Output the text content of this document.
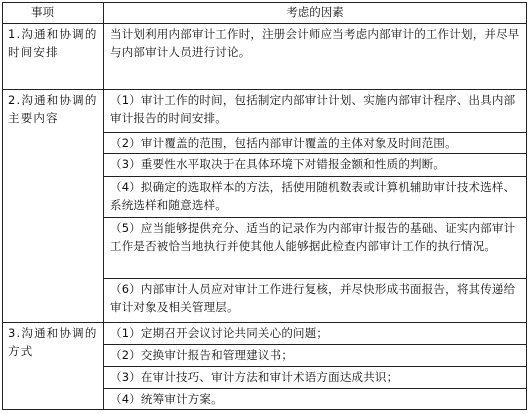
事项	考虑的因素
1.沟通和协调的时间安排
当计划利用内部审计工作时，注册会计师应当考虑内部审计的工作计划，并尽早与内部审计人员进行讨论。
2.沟通和协调的主要内容
（1）审计工作的时间，包括制定内部审计计划、实施内部审计程序、出具内部审计报告的时间安排。
（2）审计覆盖的范围，包括内部审计覆盖的主体对象及时间范围。
（3）重要性水平取决于在具体环境下对错报金额和性质的判断。
（4）拟确定的选取样本的方法，括使用随机数表或计算机辅助审计技术选样、系统选样和随意选样。
（5）应当能够提供充分、适当的记录作为内部审计报告的基础、证实内部审计工作是否被恰当地执行并使其他人能够据此检查内部审计工作的执行情况。
（6）内部审计人员应对审计工作进行复核，并尽快形成书面报告，将其传递给审计对象及相关管理层。
3.沟通和协调的方式
（1）定期召开会议讨论共同关心的问题；
（2）交换审计报告和管理建议书；
（3）在审计技巧、审计方法和审计术语方面达成共识；
（4）统筹审计方案。
